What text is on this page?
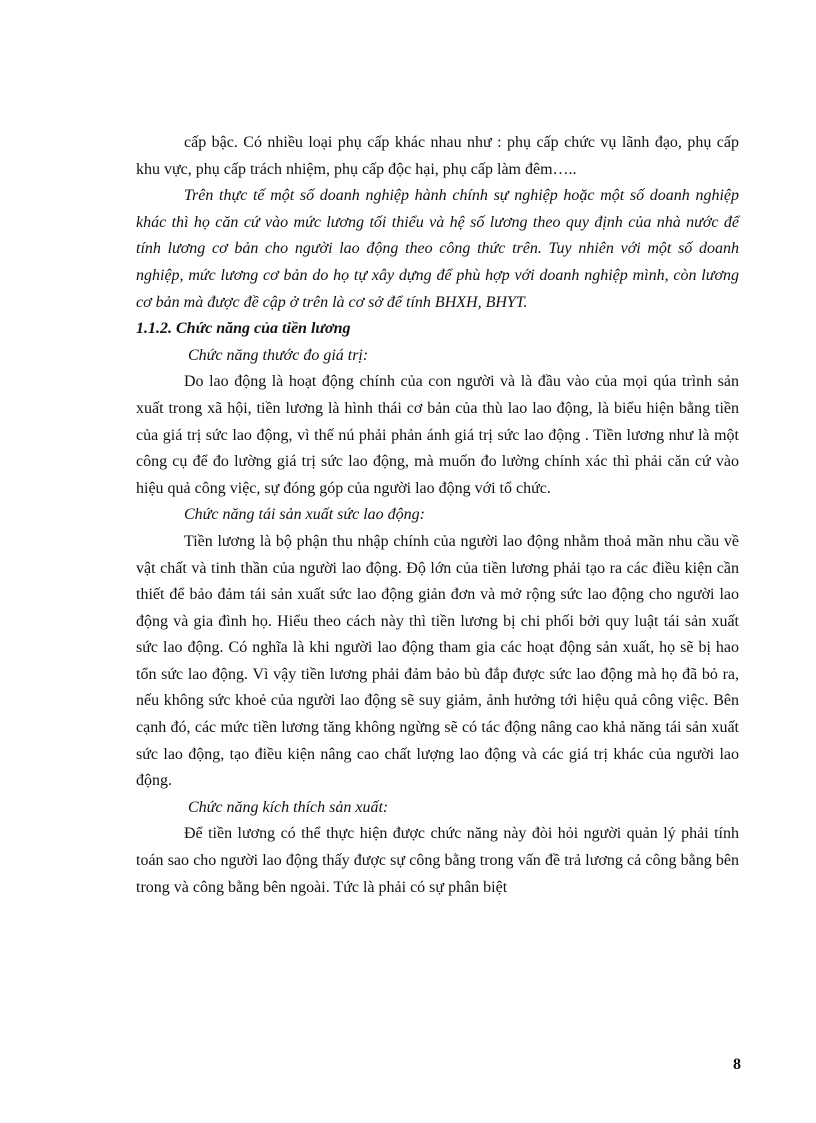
cấp bậc. Có nhiều loại phụ cấp khác nhau như : phụ cấp chức vụ lãnh đạo, phụ cấp khu vực, phụ cấp trách nhiệm, phụ cấp độc hại, phụ cấp làm đêm…..

Trên thực tế một số doanh nghiệp hành chính sự nghiệp hoặc một số doanh nghiệp khác thì họ căn cứ vào mức lương tối thiểu và hệ số lương theo quy định của nhà nước để tính lương cơ bản cho người lao động theo công thức trên. Tuy nhiên với một số doanh nghiệp, mức lương cơ bản do họ tự xây dựng để phù hợp với doanh nghiệp mình, còn lương cơ bản mà được đề cập ở trên là cơ sở để tính BHXH, BHYT.

1.1.2. Chức năng của tiền lương

Chức năng thước đo giá trị:

Do lao động là hoạt động chính của con người và là đầu vào của mọi qúa trình sản xuất trong xã hội, tiền lương là hình thái cơ bản của thù lao lao động, là biểu hiện bằng tiền của giá trị sức lao động, vì thế nú phải phản ánh giá trị sức lao động . Tiền lương như là một công cụ để đo lường giá trị sức lao động, mà muốn đo lường chính xác thì phải căn cứ vào hiệu quả công việc, sự đóng góp của người lao động với tổ chức.

Chức năng tái sản xuất sức lao động:

Tiền lương là bộ phận thu nhập chính của người lao động nhằm thoả mãn nhu cầu về vật chất và tinh thần của người lao động. Độ lớn của tiền lương phải tạo ra các điều kiện cần thiết để bảo đảm tái sản xuất sức lao động giản đơn và mở rộng sức lao động cho người lao động và gia đình họ. Hiểu theo cách này thì tiền lương bị chi phối bởi quy luật tái sản xuất sức lao động. Có nghĩa là khi người lao động tham gia các hoạt động sản xuất, họ sẽ bị hao tổn sức lao động. Vì vậy tiền lương phải đảm bảo bù đắp được sức lao động mà họ đã bỏ ra, nếu không sức khoẻ của người lao động sẽ suy giảm, ảnh hưởng tới hiệu quả công việc. Bên cạnh đó, các mức tiền lương tăng không ngừng sẽ có tác động nâng cao khả năng tái sản xuất sức lao động, tạo điều kiện nâng cao chất lượng lao động và các giá trị khác của người lao động.

Chức năng kích thích sản xuất:

Để tiền lương có thể thực hiện được chức năng này đòi hỏi người quản lý phải tính toán sao cho người lao động thấy được sự công bằng trong vấn đề trả lương cả công bằng bên trong và công bằng bên ngoài. Tức là phải có sự phân biệt

8
